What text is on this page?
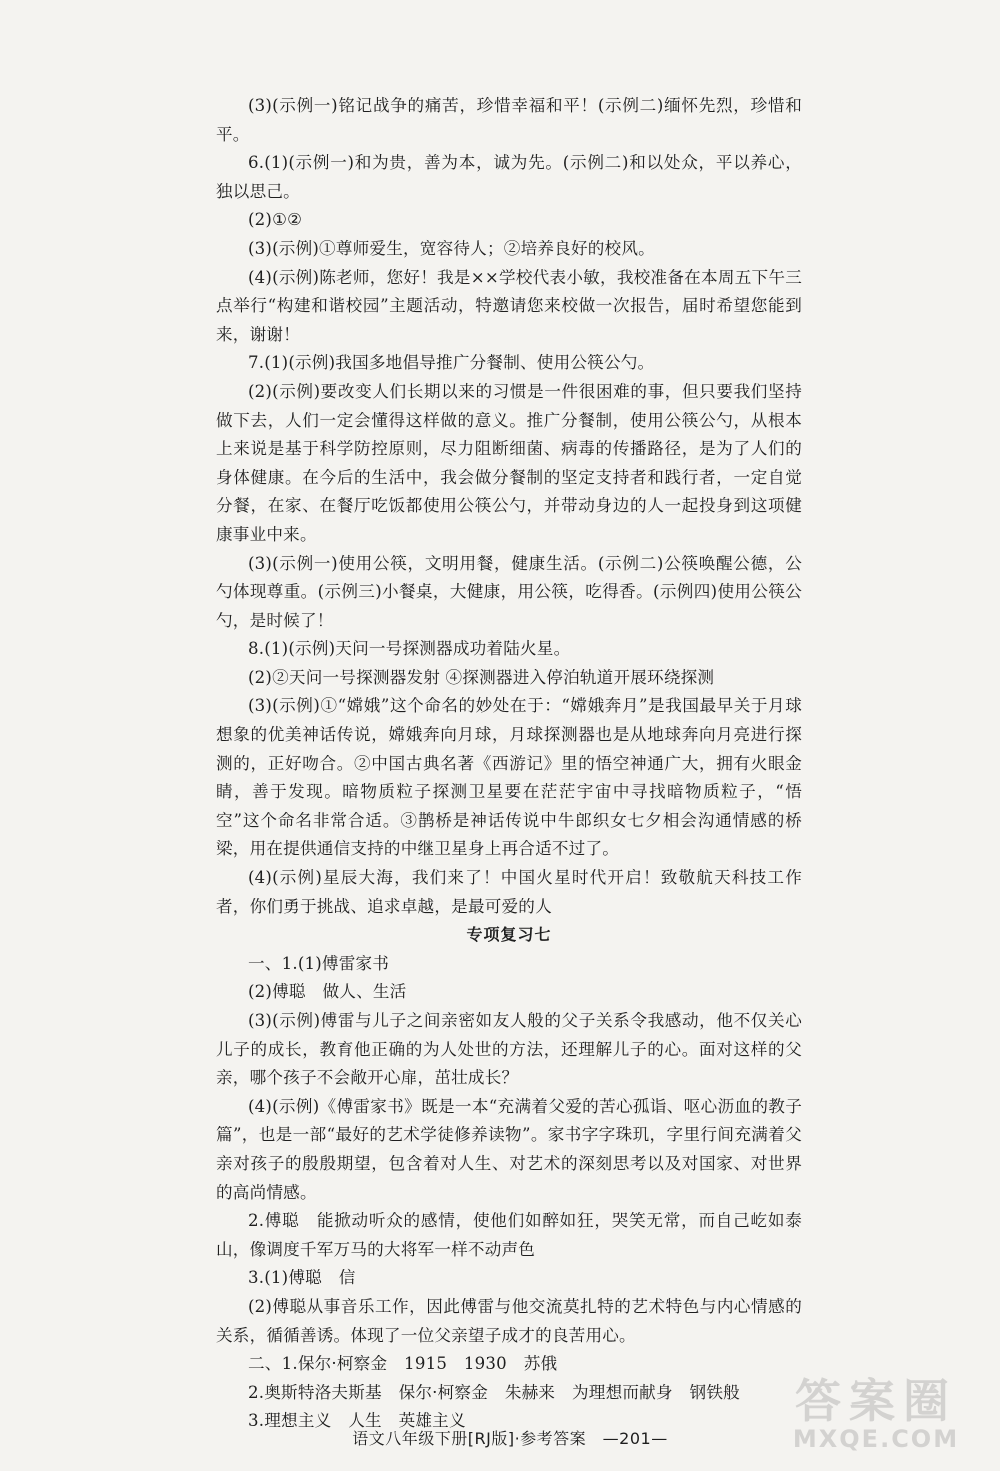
(3)(示例一)铭记战争的痛苦，珍惜幸福和平！(示例二)缅怀先烈，珍惜和平。

6.(1)(示例一)和为贵，善为本，诚为先。(示例二)和以处众，平以养心，独以思己。

(2)①②

(3)(示例)①尊师爱生，宽容待人；②培养良好的校风。

(4)(示例)陈老师，您好！我是××学校代表小敏，我校准备在本周五下午三点举行“构建和谐校园”主题活动，特邀请您来校做一次报告，届时希望您能到来，谢谢！

7.(1)(示例)我国多地倡导推广分餐制、使用公筷公勺。

(2)(示例)要改变人们长期以来的习惯是一件很困难的事，但只要我们坚持做下去，人们一定会懂得这样做的意义。推广分餐制，使用公筷公勺，从根本上来说是基于科学防控原则，尽力阻断细菌、病毒的传播路径，是为了人们的身体健康。在今后的生活中，我会做分餐制的坚定支持者和践行者，一定自觉分餐，在家、在餐厅吃饭都使用公筷公勺，并带动身边的人一起投身到这项健康事业中来。

(3)(示例一)使用公筷，文明用餐，健康生活。(示例二)公筷唤醒公德，公勺体现尊重。(示例三)小餐桌，大健康，用公筷，吃得香。(示例四)使用公筷公勺，是时候了！

8.(1)(示例)天问一号探测器成功着陆火星。

(2)②天问一号探测器发射 ④探测器进入停泊轨道开展环绕探测

(3)(示例)①“嫦娥”这个命名的妙处在于：“嫦娥奔月”是我国最早关于月球想象的优美神话传说，嫦娥奔向月球，月球探测器也是从地球奔向月亮进行探测的，正好吻合。②中国古典名著《西游记》里的悟空神通广大，拥有火眼金睛，善于发现。暗物质粒子探测卫星要在茫茫宇宙中寻找暗物质粒子，“悟空”这个命名非常合适。③鹊桥是神话传说中牛郎织女七夕相会沟通情感的桥梁，用在提供通信支持的中继卫星身上再合适不过了。

(4)(示例)星辰大海，我们来了！中国火星时代开启！致敬航天科技工作者，你们勇于挑战、追求卓越，是最可爱的人

专项复习七

一、1.(1)傅雷家书

(2)傅聪　做人、生活

(3)(示例)傅雷与儿子之间亲密如友人般的父子关系令我感动，他不仅关心儿子的成长，教育他正确的为人处世的方法，还理解儿子的心。面对这样的父亲，哪个孩子不会敞开心扉，茁壮成长？

(4)(示例)《傅雷家书》既是一本“充满着父爱的苦心孤诣、呕心沥血的教子篇”，也是一部“最好的艺术学徒修养读物”。家书字字珠玑，字里行间充满着父亲对孩子的殷殷期望，包含着对人生、对艺术的深刻思考以及对国家、对世界的高尚情感。

2.傅聪　能掀动听众的感情，使他们如醉如狂，哭笑无常，而自己屹如泰山，像调度千军万马的大将军一样不动声色

3.(1)傅聪　信

(2)傅聪从事音乐工作，因此傅雷与他交流莫扎特的艺术特色与内心情感的关系，循循善诱。体现了一位父亲望子成才的良苦用心。

二、1.保尔·柯察金　1915　1930　苏俄

2.奥斯特洛夫斯基　保尔·柯察金　朱赫来　为理想而献身　钢铁般

3.理想主义　人生　英雄主义

语文八年级下册[RJ版]·参考答案　—201—
答案圈
MXQE.COM
